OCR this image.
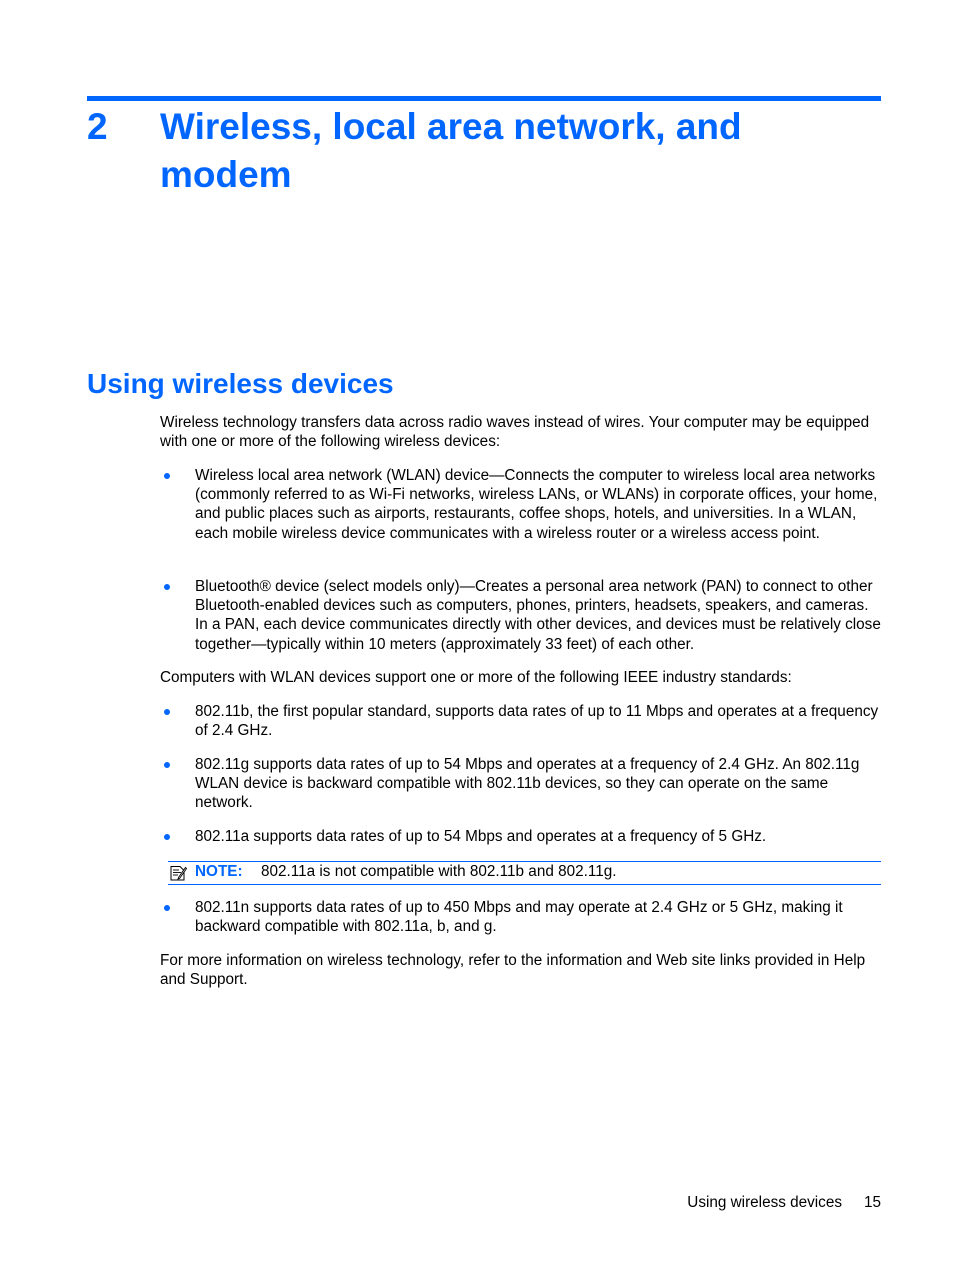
2 Wireless, local area network, and modem
Using wireless devices

Wireless technology transfers data across radio waves instead of wires. Your computer may be equipped with one or more of the following wireless devices:

Wireless local area network (WLAN) device—Connects the computer to wireless local area networks (commonly referred to as Wi-Fi networks, wireless LANs, or WLANs) in corporate offices, your home, and public places such as airports, restaurants, coffee shops, hotels, and universities. In a WLAN, each mobile wireless device communicates with a wireless router or a wireless access point.
Bluetooth® device (select models only)—Creates a personal area network (PAN) to connect to other Bluetooth-enabled devices such as computers, phones, printers, headsets, speakers, and cameras. In a PAN, each device communicates directly with other devices, and devices must be relatively close together—typically within 10 meters (approximately 33 feet) of each other.

Computers with WLAN devices support one or more of the following IEEE industry standards:

802.11b, the first popular standard, supports data rates of up to 11 Mbps and operates at a frequency of 2.4 GHz.
802.11g supports data rates of up to 54 Mbps and operates at a frequency of 2.4 GHz. An 802.11g WLAN device is backward compatible with 802.11b devices, so they can operate on the same network.
802.11a supports data rates of up to 54 Mbps and operates at a frequency of 5 GHz.
NOTE: 802.11a is not compatible with 802.11b and 802.11g.
802.11n supports data rates of up to 450 Mbps and may operate at 2.4 GHz or 5 GHz, making it backward compatible with 802.11a, b, and g.

For more information on wireless technology, refer to the information and Web site links provided in Help and Support.

Using wireless devices 15
